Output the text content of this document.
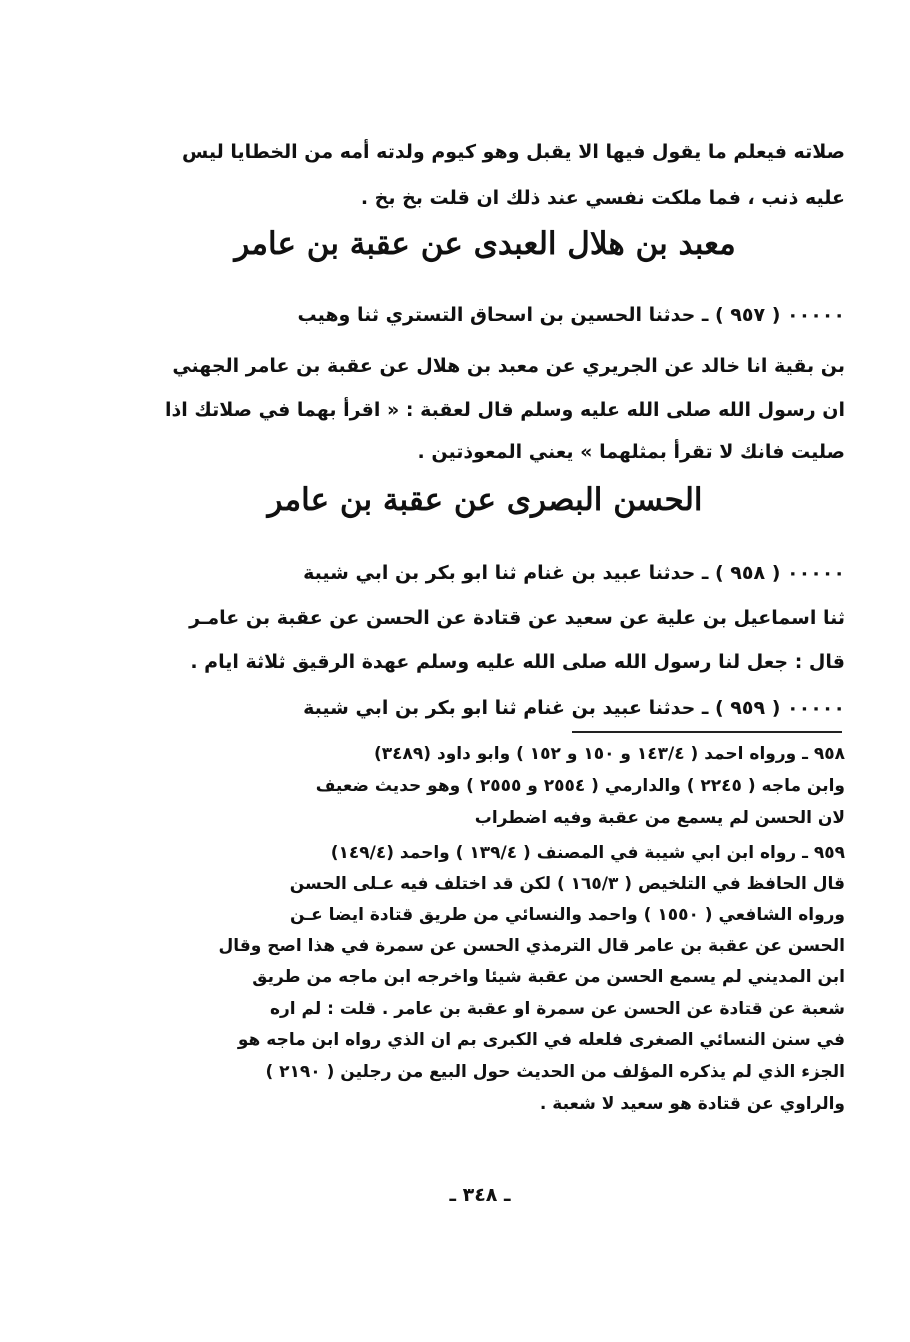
صلاته فيعلم ما يقول فيها الا يقبل وهو كيوم ولدته أمه من الخطايا ليس
عليه ذنب ، فما ملكت نفسي عند ذلك ان قلت بخ بخ .
معبد بن هلال العبدى عن عقبة بن عامر
٠٠٠٠٠ ( ٩٥٧ ) ـ حدثنا الحسين بن اسحاق التستري ثنا وهيب
بن بقية انا خالد عن الجريري عن معبد بن هلال عن عقبة بن عامر الجهني
ان رسول الله صلى الله عليه وسلم قال لعقبة : « اقرأ بهما في صلاتك اذا
صليت فانك لا تقرأ بمثلهما » يعني المعوذتين .
الحسن البصرى عن عقبة بن عامر
٠٠٠٠٠ ( ٩٥٨ ) ـ حدثنا عبيد بن غنام ثنا ابو بكر بن ابي شيبة
ثنا اسماعيل بن علية عن سعيد عن قتادة عن الحسن عن عقبة بن عامـر
قال : جعل لنا رسول الله صلى الله عليه وسلم عهدة الرقيق ثلاثة ايام .
٠٠٠٠٠ ( ٩٥٩ ) ـ حدثنا عبيد بن غنام ثنا ابو بكر بن ابي شيبة
٩٥٨ ـ ورواه احمد ( ١٤٣/٤ و ١٥٠ و ١٥٢ ) وابو داود (٣٤٨٩)
وابن ماجه ( ٢٢٤٥ ) والدارمي ( ٢٥٥٤ و ٢٥٥٥ ) وهو حديث ضعيف
لان الحسن لم يسمع من عقبة وفيه اضطراب
٩٥٩ ـ رواه ابن ابي شيبة في المصنف ( ١٣٩/٤ ) واحمد (١٤٩/٤)
قال الحافظ في التلخيص ( ١٦٥/٣ ) لكن قد اختلف فيه عـلى الحسن
ورواه الشافعي ( ١٥٥٠ ) واحمد والنسائي من طريق قتادة ايضا عـن
الحسن عن عقبة بن عامر قال الترمذي الحسن عن سمرة في هذا اصح وقال
ابن المديني لم يسمع الحسن من عقبة شيئا واخرجه ابن ماجه من طريق
شعبة عن قتادة عن الحسن عن سمرة او عقبة بن عامر . قلت : لم اره
في سنن النسائي الصغرى فلعله في الكبرى بم ان الذي رواه ابن ماجه هو
الجزء الذي لم يذكره المؤلف من الحديث حول البيع من رجلين ( ٢١٩٠ )
والراوي عن قتادة هو سعيد لا شعبة .
ـ ٣٤٨ ـ
